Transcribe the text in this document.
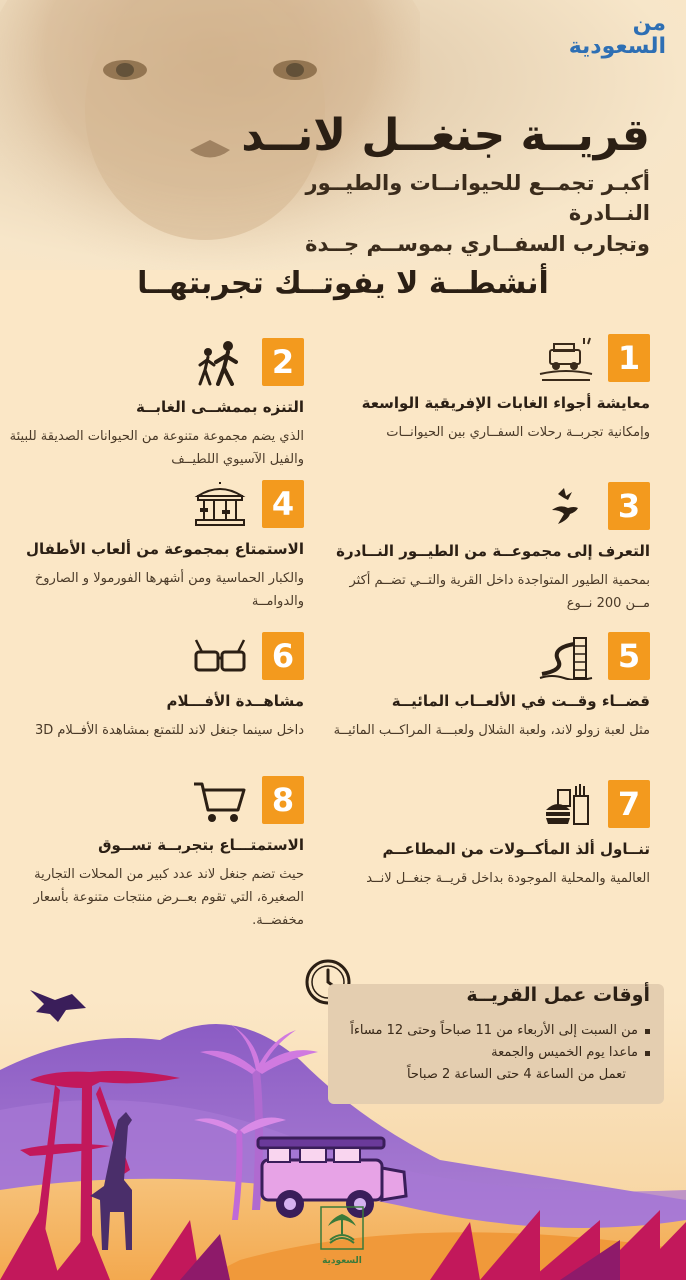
من
السعودية
قريــة جنغــل لانــد
أكبـر تجمــع للحيوانــات والطيــور النــادرة
وتجارب السفــاري بموســم جــدة
أنشطــة لا يفوتــك تجربتهــا
1
معايشة أجواء الغابات الإفريقية الواسعة
وإمكانية تجربــة رحلات السفــاري بين الحيوانــات
2
التنزه بممشــى الغابــة
الذي يضم مجموعة متنوعة من الحيوانات الصديقة للبيئة والفيل الآسيوي اللطيــف
3
التعرف إلى مجموعــة من الطيــور النــادرة
بمحمية الطيور المتواجدة داخل القرية والتــي تضــم أكثر مــن 200 نــوع
4
الاستمتاع بمجموعة من ألعاب الأطفال
والكبار الحماسية ومن أشهرها الفورمولا و الصاروخ والدوامــة
5
قضــاء وقــت في الألعــاب المائيــة
مثل لعبة زولو لاند، ولعبة الشلال ولعبـــة المراكــب المائيــة
6
مشاهــدة الأفـــلام
داخل سينما جنغل لاند للتمتع بمشاهدة الأفــلام 3D
7
تنــاول ألذ المأكــولات من المطاعــم
العالمية والمحلية الموجودة بداخل قريــة جنغــل لانــد
8
الاستمتـــاع بتجربــة تســوق
حيث تضم جنغل لاند عدد كبير من المحلات التجارية الصغيرة، التي تقوم بعــرض منتجات متنوعة بأسعار مخفضــة.
أوقات عمل القريــة
من السبت إلى الأربعاء من 11 صباحاً وحتى 12 مساءاً
ماعدا يوم الخميس والجمعة
تعمل من الساعة 4 حتى الساعة 2 صباحاً
السعودية
